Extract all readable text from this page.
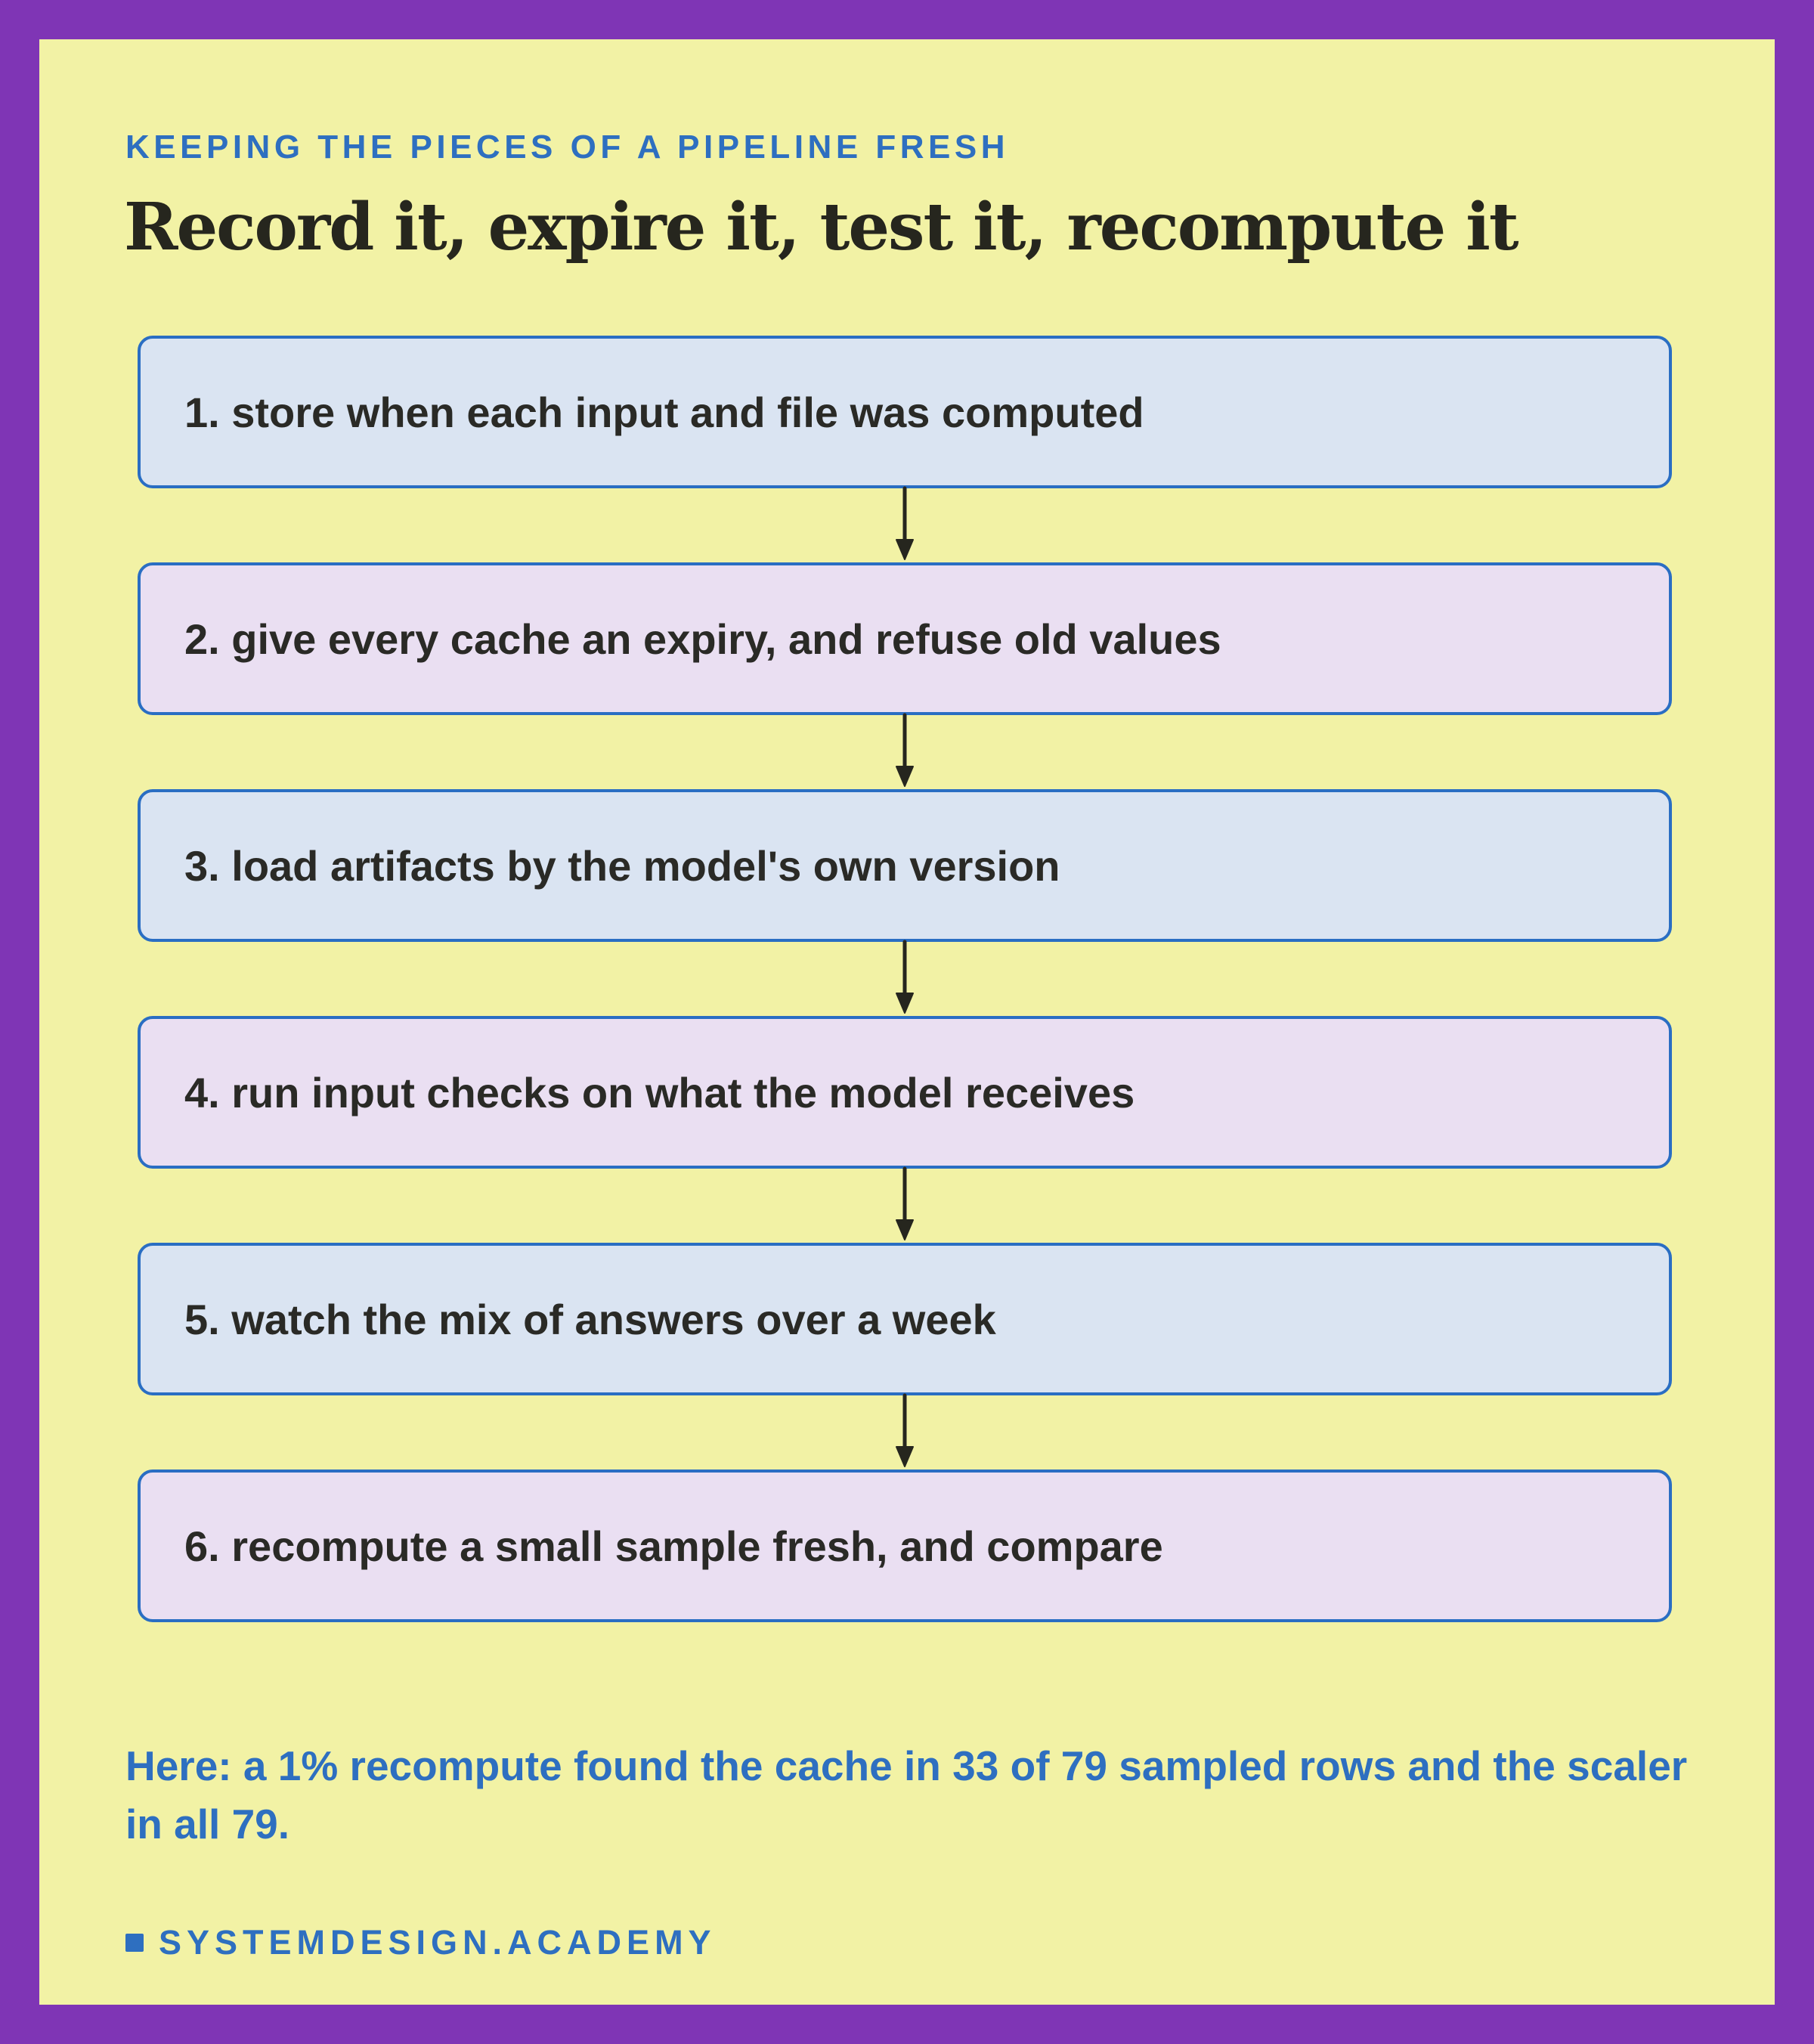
KEEPING THE PIECES OF A PIPELINE FRESH
Record it, expire it, test it, recompute it
1. store when each input and file was computed
2. give every cache an expiry, and refuse old values
3. load artifacts by the model's own version
4. run input checks on what the model receives
5. watch the mix of answers over a week
6. recompute a small sample fresh, and compare
Here: a 1% recompute found the cache in 33 of 79 sampled rows and the scaler in all 79.
SYSTEMDESIGN.ACADEMY
